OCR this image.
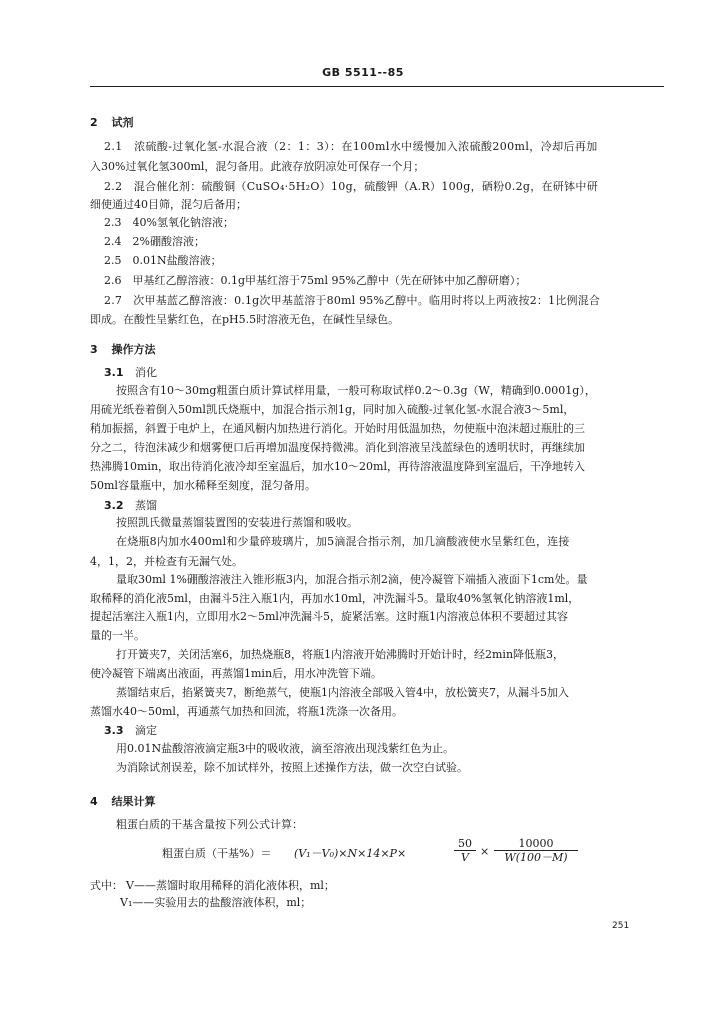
GB 5511--85
2 试剂
2.1　浓硫酸-过氧化氢-水混合液（2：1：3）：在100ml水中缓慢加入浓硫酸200ml，冷却后再加
入30%过氧化氢300ml，混匀备用。此液存放阴凉处可保存一个月；
2.2　混合催化剂：硫酸铜（CuSO₄·5H₂O）10g，硫酸钾（A.R）100g，硒粉0.2g，在研钵中研
细使通过40目筛，混匀后备用；
2.3　40%氢氧化钠溶液；
2.4　2%硼酸溶液；
2.5　0.01N盐酸溶液；
2.6　甲基红乙醇溶液：0.1g甲基红溶于75ml 95%乙醇中（先在研钵中加乙醇研磨）；
2.7　次甲基蓝乙醇溶液：0.1g次甲基蓝溶于80ml 95%乙醇中。临用时将以上两液按2：1比例混合
即成。在酸性呈紫红色，在pH5.5时溶液无色，在碱性呈绿色。
3 操作方法
3.1 消化
按照含有10～30mg粗蛋白质计算试样用量，一般可称取试样0.2～0.3g（W，精确到0.0001g），
用硫光纸卷着倒入50ml凯氏烧瓶中，加混合指示剂1g，同时加入硫酸-过氧化氢-水混合液3～5ml，
稍加振摇，斜置于电炉上，在通风橱内加热进行消化。开始时用低温加热，勿使瓶中泡沫超过瓶肚的三
分之二，待泡沫减少和烟雾便口后再增加温度保持微沸。消化到溶液呈浅蓝绿色的透明状时，再继续加
热沸腾10min，取出待消化液冷却至室温后，加水10～20ml，再待溶液温度降到室温后，干净地转入
50ml容量瓶中，加水稀释至刻度，混匀备用。
3.2 蒸馏
按照凯氏微量蒸馏装置图的安装进行蒸馏和吸收。
在烧瓶8内加水400ml和少量碎玻璃片，加5滴混合指示剂，加几滴酸液使水呈紫红色，连接
4，1，2，并检查有无漏气处。
量取30ml 1%硼酸溶液注入锥形瓶3内，加混合指示剂2滴，使冷凝管下端插入液面下1cm处。量
取稀释的消化液5ml，由漏斗5注入瓶1内，再加水10ml，冲洗漏斗5。量取40%氢氧化钠溶液1ml，
提起活塞注入瓶1内，立即用水2～5ml冲洗漏斗5，旋紧活塞。这时瓶1内溶液总体积不要超过其容
量的一半。
打开簧夹7，关闭活塞6，加热烧瓶8，将瓶1内溶液开始沸腾时开始计时，经2min降低瓶3，
使冷凝管下端离出液面，再蒸馏1min后，用水冲洗管下端。
蒸馏结束后，掐紧簧夹7，断绝蒸气，使瓶1内溶液全部吸入管4中，放松簧夹7，从漏斗5加入
蒸馏水40～50ml，再通蒸气加热和回流，将瓶1洗涤一次备用。
3.3 滴定
用0.01N盐酸溶液滴定瓶3中的吸收液，滴至溶液出现浅紫红色为止。
为消除试剂误差，除不加试样外，按照上述操作方法，做一次空白试验。
4 结果计算
粗蛋白质的干基含量按下列公式计算：
粗蛋白质（干基%）＝ (V₁－V₀)×N×14×P×	$\frac{50}{V} \times \frac{10000}{W(100-M)}$
式中： V——蒸馏时取用稀释的消化液体积，ml；
V₁——实验用去的盐酸溶液体积，ml；
251
